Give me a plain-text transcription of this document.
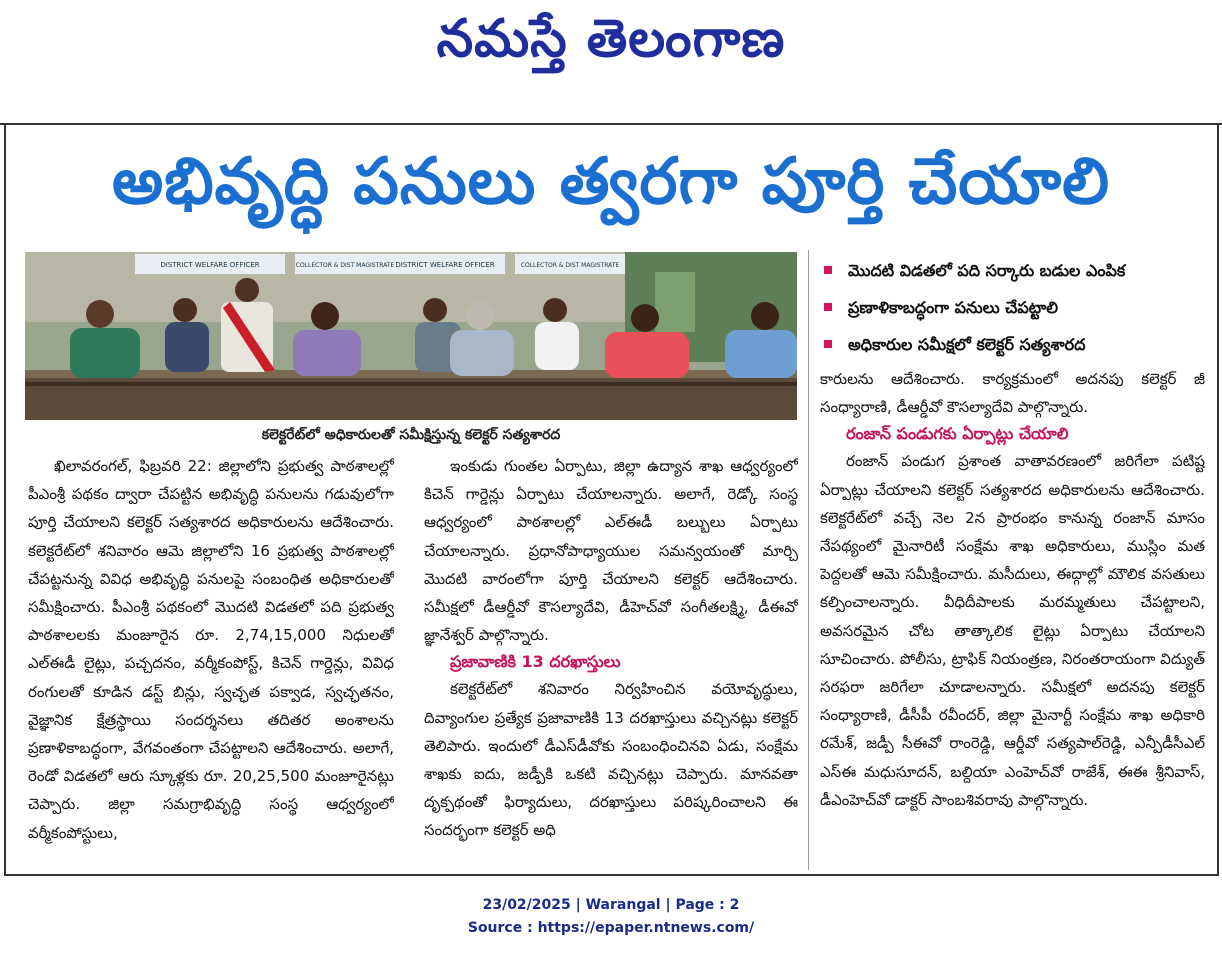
నమస్తే తెలంగాణ
అభివృద్ధి పనులు త్వరగా పూర్తి చేయాలి
DISTRICT WELFARE OFFICER	COLLECTOR & DIST MAGISTRATE DISTRICT WELFARE OFFICER	COLLECTOR & DIST MAGISTRATE
కలెక్టరేట్‌లో అధికారులతో సమీక్షిస్తున్న కలెక్టర్ సత్యశారద
మొదటి విడతలో పది సర్కారు బడుల ఎంపిక
ప్రణాళికాబద్ధంగా పనులు చేపట్టాలి
అధికారుల సమీక్షలో కలెక్టర్ సత్యశారద

ఖిలావరంగల్, ఫిబ్రవరి 22: జిల్లాలోని ప్రభుత్వ పాఠశాలల్లో పీఎంశ్రీ పథకం ద్వారా చేపట్టిన అభివృద్ధి పనులను గడువులోగా పూర్తి చేయాలని కలెక్టర్ సత్యశారద అధికారులను ఆదేశించారు. కలెక్టరేట్‌లో శనివారం ఆమె జిల్లాలోని 16 ప్రభుత్వ పాఠశాలల్లో చేపట్టనున్న వివిధ అభివృద్ధి పనులపై సంబంధిత అధికారులతో సమీక్షించారు. పీఎంశ్రీ పథకంలో మొదటి విడతలో పది ప్రభుత్వ పాఠశాలలకు మంజూరైన రూ. 2,74,15,000 నిధులతో ఎల్‌ఈడీ లైట్లు, పచ్చదనం, వర్మీకంపోస్ట్, కిచెన్ గార్డెన్లు, వివిధ రంగులతో కూడిన డస్ట్ బిన్లు, స్వచ్ఛత పక్వాడ, స్వచ్ఛతనం, వైజ్ఞానిక క్షేత్రస్థాయి సందర్శనలు తదితర అంశాలను ప్రణాళికాబద్ధంగా, వేగవంతంగా చేపట్టాలని ఆదేశించారు. అలాగే, రెండో విడతలో ఆరు స్కూళ్లకు రూ. 20,25,500 మంజూరైనట్లు చెప్పారు. జిల్లా సమగ్రాభివృద్ధి సంస్థ ఆధ్వర్యంలో వర్మీకంపోస్టులు,

ఇంకుడు గుంతల ఏర్పాటు, జిల్లా ఉద్యాన శాఖ ఆధ్వర్యంలో కిచెన్ గార్డెన్లు ఏర్పాటు చేయాలన్నారు. అలాగే, రెడ్కో సంస్థ ఆధ్వర్యంలో పాఠశాలల్లో ఎల్‌ఈడీ బల్బులు ఏర్పాటు చేయాలన్నారు. ప్రధానోపాధ్యాయుల సమన్వయంతో మార్చి మొదటి వారంలోగా పూర్తి చేయాలని కలెక్టర్ ఆదేశించారు. సమీక్షలో డీఆర్డీవో కౌసల్యాదేవి, డీహెచ్‌వో సంగీతలక్ష్మి, డీఈవో జ్ఞానేశ్వర్ పాల్గొన్నారు.

ప్రజావాణికి 13 దరఖాస్తులు

కలెక్టరేట్‌లో శనివారం నిర్వహించిన వయోవృద్ధులు, దివ్యాంగుల ప్రత్యేక ప్రజావాణికి 13 దరఖాస్తులు వచ్చినట్లు కలెక్టర్ తెలిపారు. ఇందులో డీఎస్‌డీవోకు సంబంధించినవి ఏడు, సంక్షేమ శాఖకు ఐదు, జడ్పీకి ఒకటి వచ్చినట్లు చెప్పారు. మానవతా దృక్పథంతో ఫిర్యాదులు, దరఖాస్తులు పరిష్కరించాలని ఈ సందర్భంగా కలెక్టర్ అధి

కారులను ఆదేశించారు. కార్యక్రమంలో అదనపు కలెక్టర్ జీ సంధ్యారాణి, డీఆర్డీవో కౌసల్యాదేవి పాల్గొన్నారు.

రంజాన్ పండుగకు ఏర్పాట్లు చేయాలి

రంజాన్ పండుగ ప్రశాంత వాతావరణంలో జరిగేలా పటిష్ట ఏర్పాట్లు చేయాలని కలెక్టర్ సత్యశారద అధికారులను ఆదేశించారు. కలెక్టరేట్‌లో వచ్చే నెల 2న ప్రారంభం కానున్న రంజాన్ మాసం నేపథ్యంలో మైనారిటీ సంక్షేమ శాఖ అధికారులు, ముస్లిం మత పెద్దలతో ఆమె సమీక్షించారు. మసీదులు, ఈద్గాల్లో మౌలిక వసతులు కల్పించాలన్నారు. వీధిదీపాలకు మరమ్మతులు చేపట్టాలని, అవసరమైన చోట తాత్కాలిక లైట్లు ఏర్పాటు చేయాలని సూచించారు. పోలీసు, ట్రాఫిక్ నియంత్రణ, నిరంతరాయంగా విద్యుత్ సరఫరా జరిగేలా చూడాలన్నారు. సమీక్షలో అదనపు కలెక్టర్ సంధ్యారాణి, డీసీపీ రవీందర్, జిల్లా మైనార్టీ సంక్షేమ శాఖ అధికారి రమేశ్, జడ్పీ సీఈవో రాంరెడ్డి, ఆర్డీవో సత్యపాల్‌రెడ్డి, ఎన్పీడీసీఎల్ ఎస్‌ఈ మధుసూదన్, బల్దియా ఎంహెచ్‌వో రాజేశ్, ఈఈ శ్రీనివాస్, డీఎంహెచ్‌వో డాక్టర్ సాంబశివరావు పాల్గొన్నారు.

23/02/2025 | Warangal | Page : 2
Source : https://epaper.ntnews.com/
